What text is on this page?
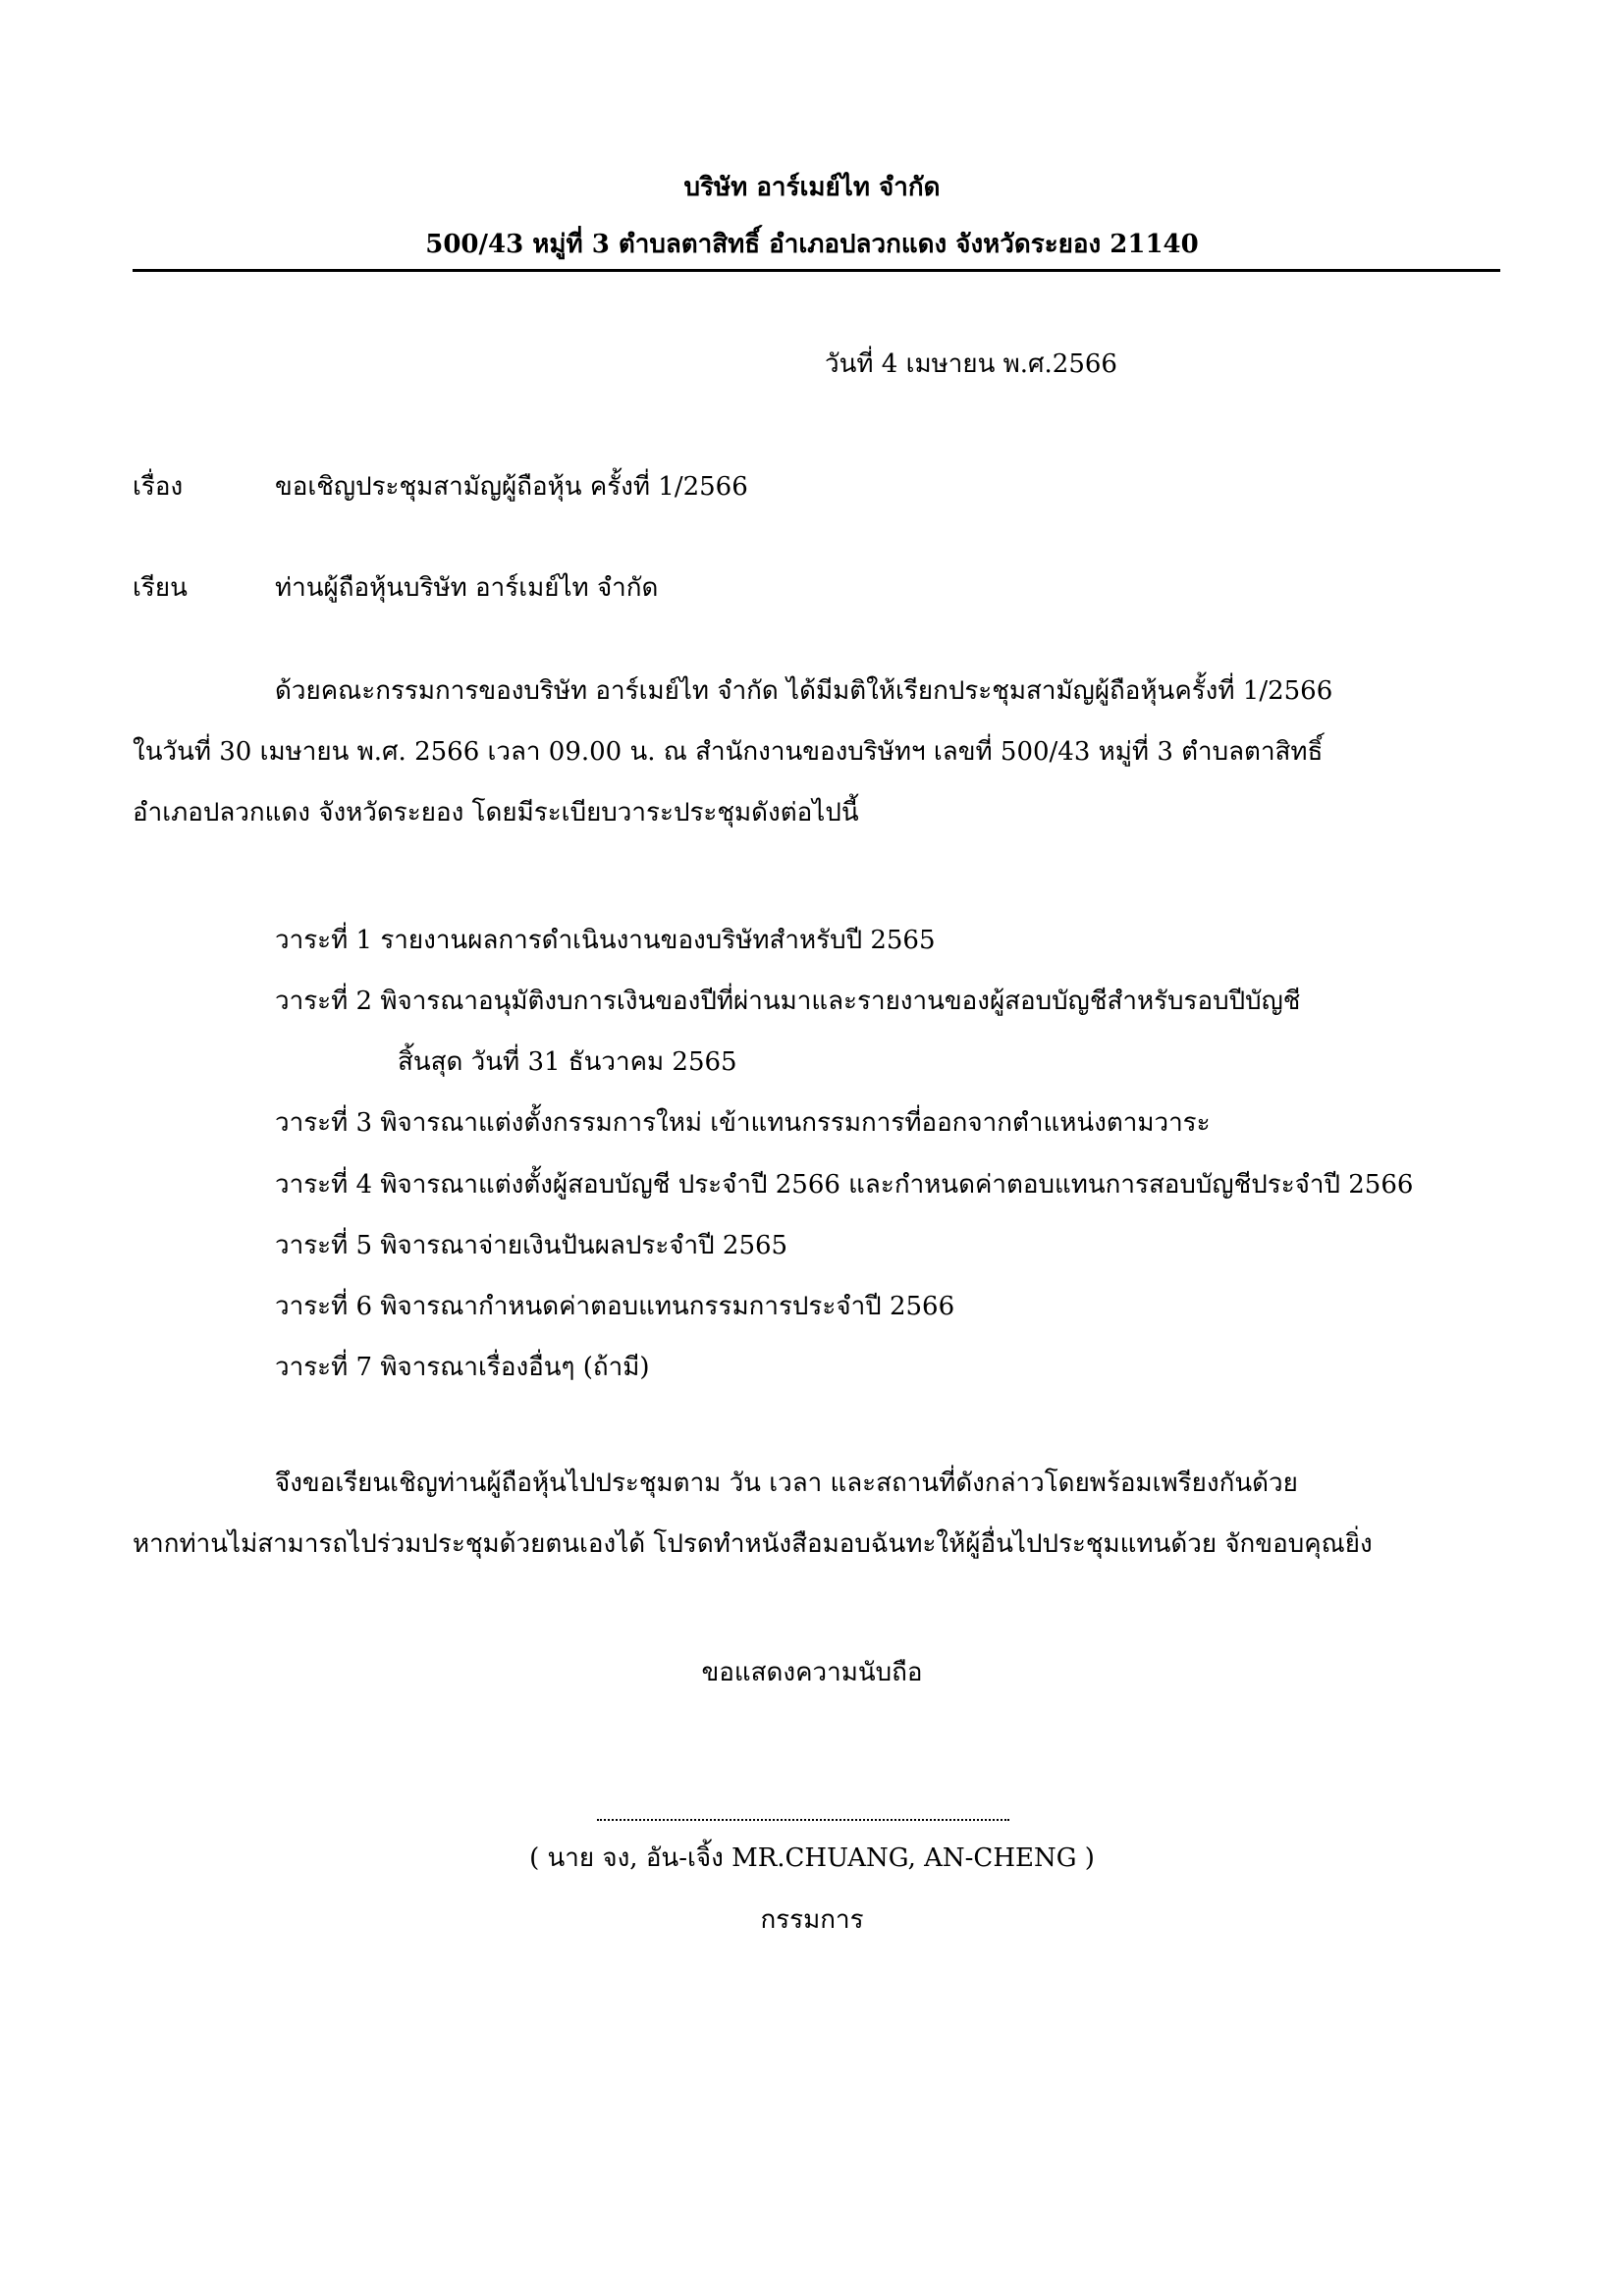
บริษัท อาร์เมย์ไท จำกัด
500/43 หมู่ที่ 3 ตำบลตาสิทธิ์ อำเภอปลวกแดง จังหวัดระยอง 21140
วันที่ 4 เมษายน พ.ศ.2566
เรื่อง	ขอเชิญประชุมสามัญผู้ถือหุ้น ครั้งที่ 1/2566
เรียน	ท่านผู้ถือหุ้นบริษัท อาร์เมย์ไท จำกัด
ด้วยคณะกรรมการของบริษัท อาร์เมย์ไท จำกัด ได้มีมติให้เรียกประชุมสามัญผู้ถือหุ้นครั้งที่ 1/2566
ในวันที่ 30 เมษายน พ.ศ. 2566 เวลา 09.00 น. ณ สำนักงานของบริษัทฯ เลขที่ 500/43 หมู่ที่ 3 ตำบลตาสิทธิ์
อำเภอปลวกแดง จังหวัดระยอง โดยมีระเบียบวาระประชุมดังต่อไปนี้
วาระที่ 1 รายงานผลการดำเนินงานของบริษัทสำหรับปี 2565
วาระที่ 2 พิจารณาอนุมัติงบการเงินของปีที่ผ่านมาและรายงานของผู้สอบบัญชีสำหรับรอบปีบัญชี
สิ้นสุด วันที่ 31 ธันวาคม 2565
วาระที่ 3 พิจารณาแต่งตั้งกรรมการใหม่ เข้าแทนกรรมการที่ออกจากตำแหน่งตามวาระ
วาระที่ 4 พิจารณาแต่งตั้งผู้สอบบัญชี ประจำปี 2566 และกำหนดค่าตอบแทนการสอบบัญชีประจำปี 2566
วาระที่ 5 พิจารณาจ่ายเงินปันผลประจำปี 2565
วาระที่ 6 พิจารณากำหนดค่าตอบแทนกรรมการประจำปี 2566
วาระที่ 7 พิจารณาเรื่องอื่นๆ (ถ้ามี)
จึงขอเรียนเชิญท่านผู้ถือหุ้นไปประชุมตาม วัน เวลา และสถานที่ดังกล่าวโดยพร้อมเพรียงกันด้วย
หากท่านไม่สามารถไปร่วมประชุมด้วยตนเองได้ โปรดทำหนังสือมอบฉันทะให้ผู้อื่นไปประชุมแทนด้วย จักขอบคุณยิ่ง
ขอแสดงความนับถือ
( นาย จง, อัน-เจิ้ง MR.CHUANG, AN-CHENG )
กรรมการ
